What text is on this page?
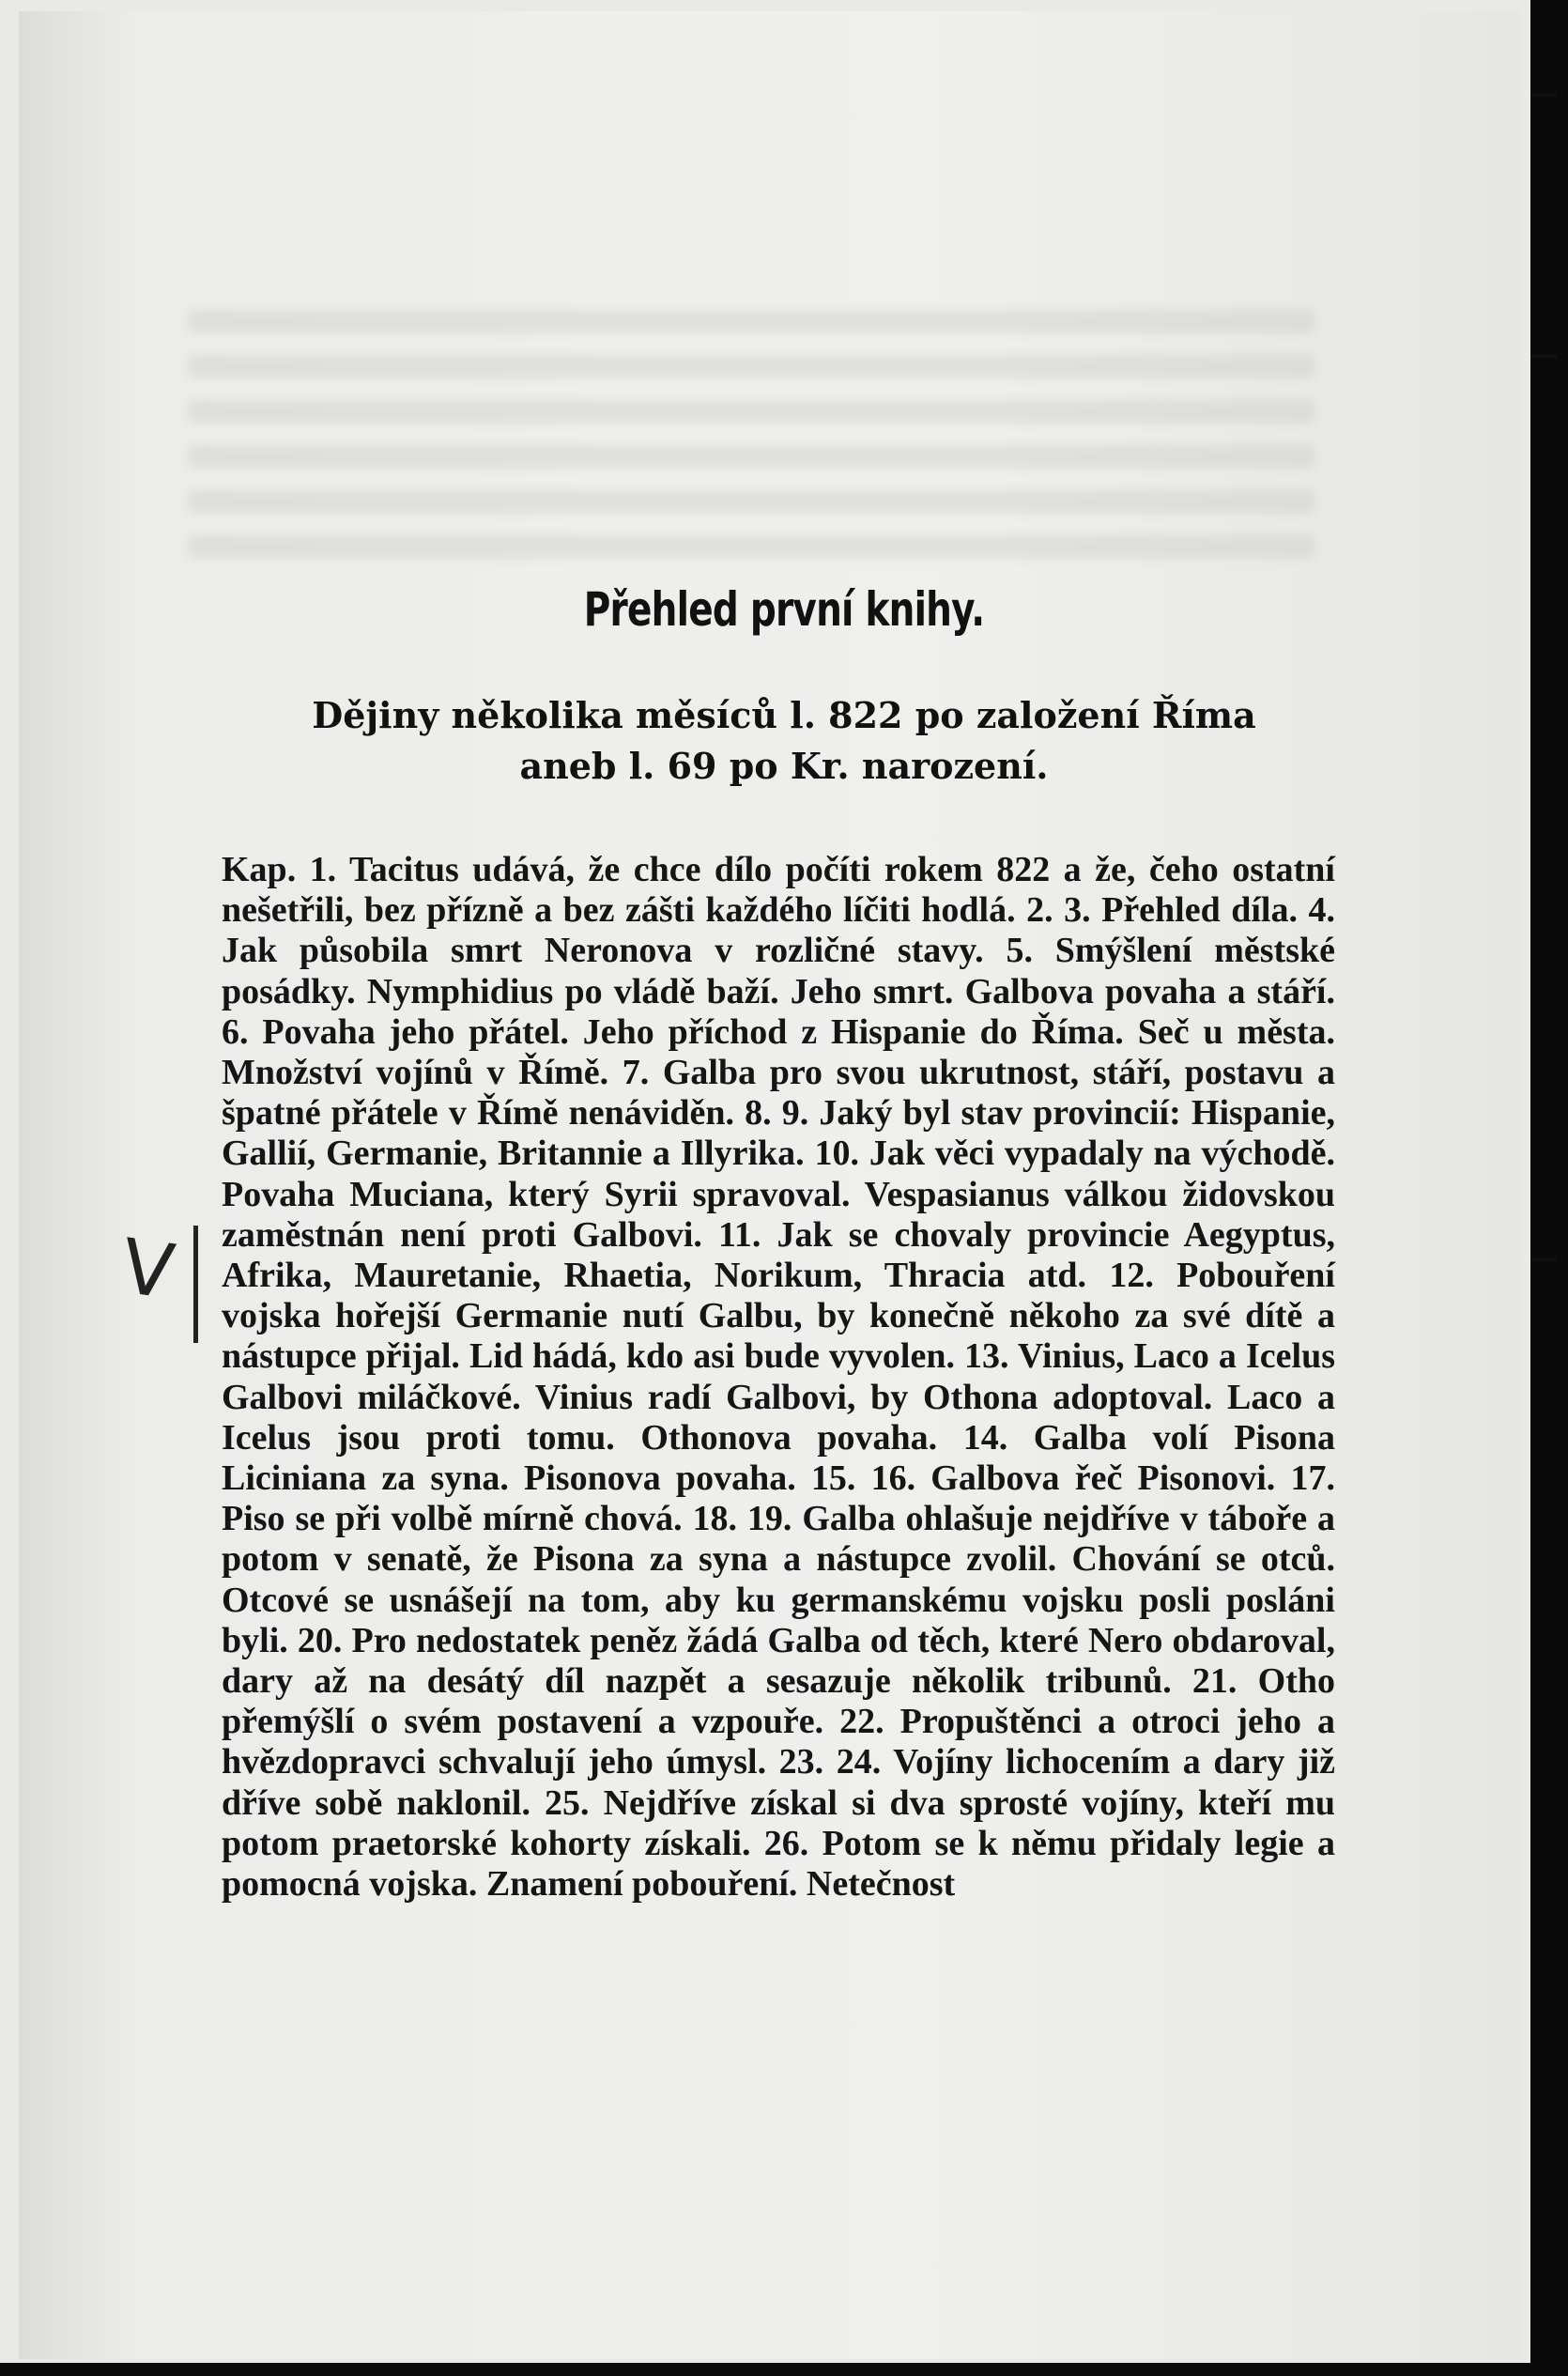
Přehled první knihy.
Dějiny několika měsíců l. 822 po založení Říma
aneb l. 69 po Kr. narození.
Kap. 1. Tacitus udává, že chce dílo počíti rokem 822 a že, čeho ostatní nešetřili, bez přízně a bez zášti každého líčiti hodlá. 2. 3. Přehled díla. 4. Jak působila smrt Neronova v rozličné stavy. 5. Smýšlení městské posádky. Nymphidius po vládě baží. Jeho smrt. Galbova povaha a stáří. 6. Povaha jeho přátel. Jeho příchod z Hispanie do Říma. Seč u města. Množství vojínů v Římě. 7. Galba pro svou ukrutnost, stáří, postavu a špatné přátele v Římě nenáviděn. 8. 9. Jaký byl stav provincií: Hispanie, Gallií, Germanie, Britannie a Illyrika. 10. Jak věci vypadaly na východě. Povaha Muciana, který Syrii spravoval. Vespasianus válkou židovskou zaměstnán není proti Galbovi. 11. Jak se chovaly provincie Aegyptus, Afrika, Mauretanie, Rhaetia, Norikum, Thracia atd. 12. Pobouření vojska hořejší Germanie nutí Galbu, by konečně někoho za své dítě a nástupce přijal. Lid hádá, kdo asi bude vyvolen. 13. Vinius, Laco a Icelus Galbovi miláčkové. Vinius radí Galbovi, by Othona adoptoval. Laco a Icelus jsou proti tomu. Othonova povaha. 14. Galba volí Pisona Liciniana za syna. Pisonova povaha. 15. 16. Galbova řeč Pisonovi. 17. Piso se při volbě mírně chová. 18. 19. Galba ohlašuje nejdříve v táboře a potom v senatě, že Pisona za syna a nástupce zvolil. Chování se otců. Otcové se usnášejí na tom, aby ku germanskému vojsku posli posláni byli. 20. Pro nedostatek peněz žádá Galba od těch, které Nero obdaroval, dary až na desátý díl nazpět a sesazuje několik tribunů. 21. Otho přemýšlí o svém postavení a vzpouře. 22. Propuštěnci a otroci jeho a hvězdopravci schvalují jeho úmysl. 23. 24. Vojíny lichocením a dary již dříve sobě naklonil. 25. Nejdříve získal si dva sprosté vojíny, kteří mu potom praetorské kohorty získali. 26. Potom se k němu přidaly legie a pomocná vojska. Znamení pobouření. Netečnost
V
